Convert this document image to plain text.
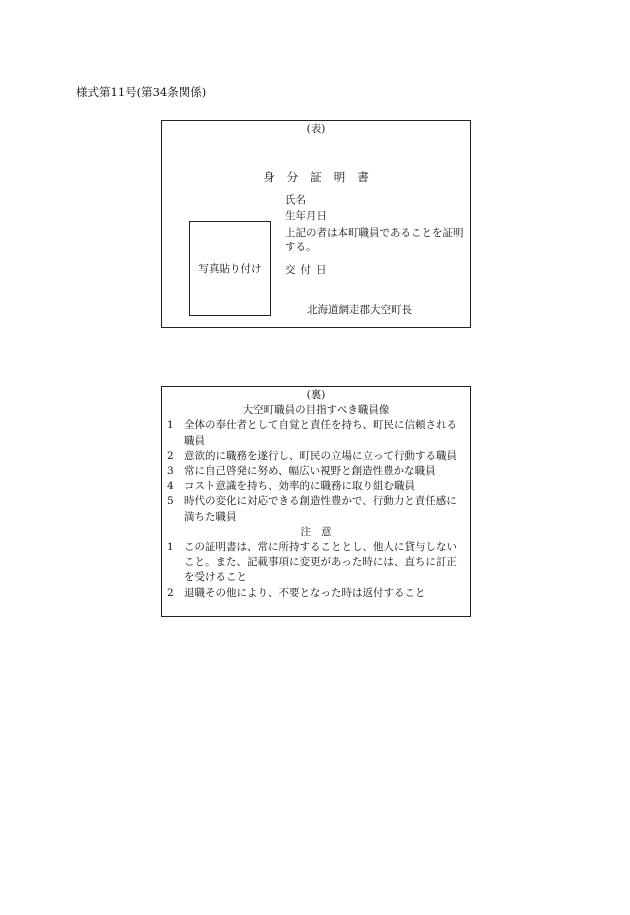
様式第11号(第34条関係)
(表)
身分証明書
氏名
生年月日
上記の者は本町職員であることを証明する。
写真貼り付け 交付日
北海道網走郡大空町長
(裏)
大空町職員の目指すべき職員像
1 全体の奉仕者として自覚と責任を持ち、町民に信頼される職員
2 意欲的に職務を遂行し、町民の立場に立って行動する職員
3 常に自己啓発に努め、幅広い視野と創造性豊かな職員
4 コスト意識を持ち、効率的に職務に取り組む職員
5 時代の変化に対応できる創造性豊かで、行動力と責任感に満ちた職員
注意
1 この証明書は、常に所持することとし、他人に貸与しないこと。また、記載事項に変更があった時には、直ちに訂正を受けること
2 退職その他により、不要となった時は返付すること
